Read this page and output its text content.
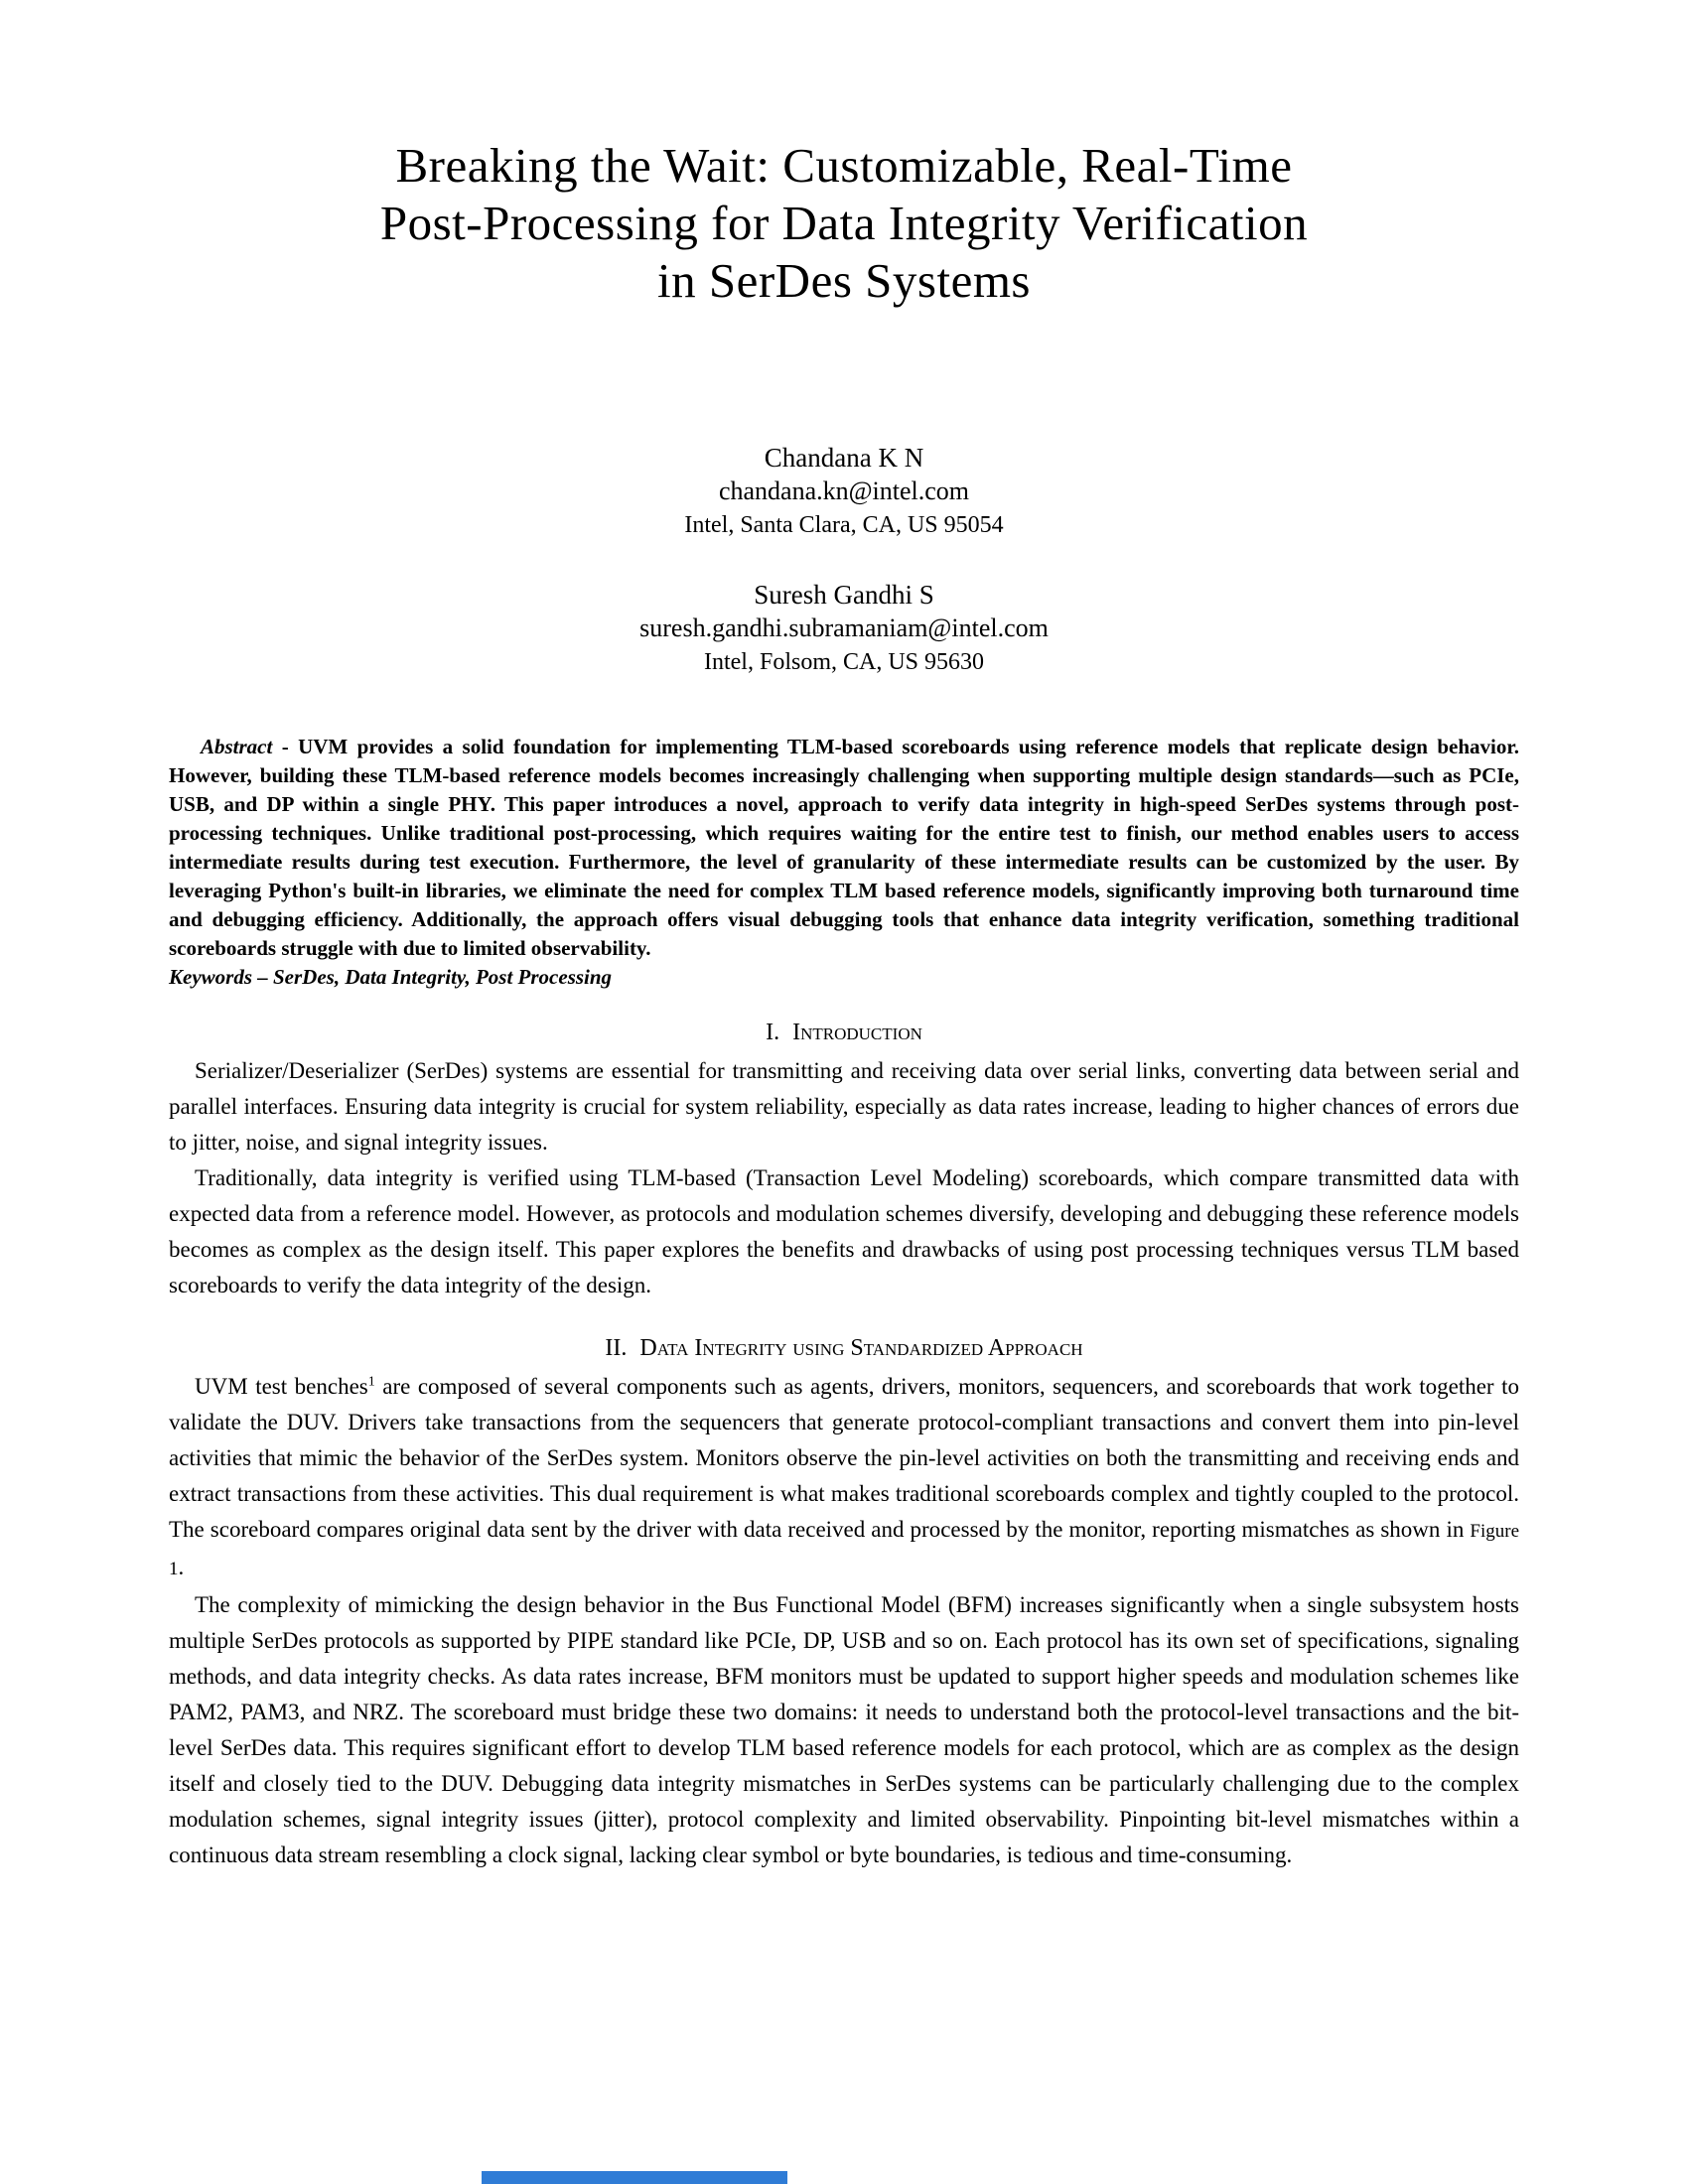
Breaking the Wait: Customizable, Real-Time
Post-Processing for Data Integrity Verification
in SerDes Systems
Chandana K N
chandana.kn@intel.com
Intel, Santa Clara, CA, US 95054
Suresh Gandhi S
suresh.gandhi.subramaniam@intel.com
Intel, Folsom, CA, US 95630

Abstract - UVM provides a solid foundation for implementing TLM-based scoreboards using reference models that replicate design behavior. However, building these TLM-based reference models becomes increasingly challenging when supporting multiple design standards—such as PCIe, USB, and DP within a single PHY. This paper introduces a novel, approach to verify data integrity in high-speed SerDes systems through post-processing techniques. Unlike traditional post-processing, which requires waiting for the entire test to finish, our method enables users to access intermediate results during test execution. Furthermore, the level of granularity of these intermediate results can be customized by the user. By leveraging Python's built-in libraries, we eliminate the need for complex TLM based reference models, significantly improving both turnaround time and debugging efficiency. Additionally, the approach offers visual debugging tools that enhance data integrity verification, something traditional scoreboards struggle with due to limited observability.

Keywords – SerDes, Data Integrity, Post Processing

I. Introduction

Serializer/Deserializer (SerDes) systems are essential for transmitting and receiving data over serial links, converting data between serial and parallel interfaces. Ensuring data integrity is crucial for system reliability, especially as data rates increase, leading to higher chances of errors due to jitter, noise, and signal integrity issues.

Traditionally, data integrity is verified using TLM-based (Transaction Level Modeling) scoreboards, which compare transmitted data with expected data from a reference model. However, as protocols and modulation schemes diversify, developing and debugging these reference models becomes as complex as the design itself. This paper explores the benefits and drawbacks of using post processing techniques versus TLM based scoreboards to verify the data integrity of the design.

II. Data Integrity using Standardized Approach

UVM test benches$^1$ are composed of several components such as agents, drivers, monitors, sequencers, and scoreboards that work together to validate the DUV. Drivers take transactions from the sequencers that generate protocol-compliant transactions and convert them into pin-level activities that mimic the behavior of the SerDes system. Monitors observe the pin-level activities on both the transmitting and receiving ends and extract transactions from these activities. This dual requirement is what makes traditional scoreboards complex and tightly coupled to the protocol. The scoreboard compares original data sent by the driver with data received and processed by the monitor, reporting mismatches as shown in Figure 1.

The complexity of mimicking the design behavior in the Bus Functional Model (BFM) increases significantly when a single subsystem hosts multiple SerDes protocols as supported by PIPE standard like PCIe, DP, USB and so on. Each protocol has its own set of specifications, signaling methods, and data integrity checks. As data rates increase, BFM monitors must be updated to support higher speeds and modulation schemes like PAM2, PAM3, and NRZ. The scoreboard must bridge these two domains: it needs to understand both the protocol-level transactions and the bit-level SerDes data. This requires significant effort to develop TLM based reference models for each protocol, which are as complex as the design itself and closely tied to the DUV. Debugging data integrity mismatches in SerDes systems can be particularly challenging due to the complex modulation schemes, signal integrity issues (jitter), protocol complexity and limited observability. Pinpointing bit-level mismatches within a continuous data stream resembling a clock signal, lacking clear symbol or byte boundaries, is tedious and time-consuming.
